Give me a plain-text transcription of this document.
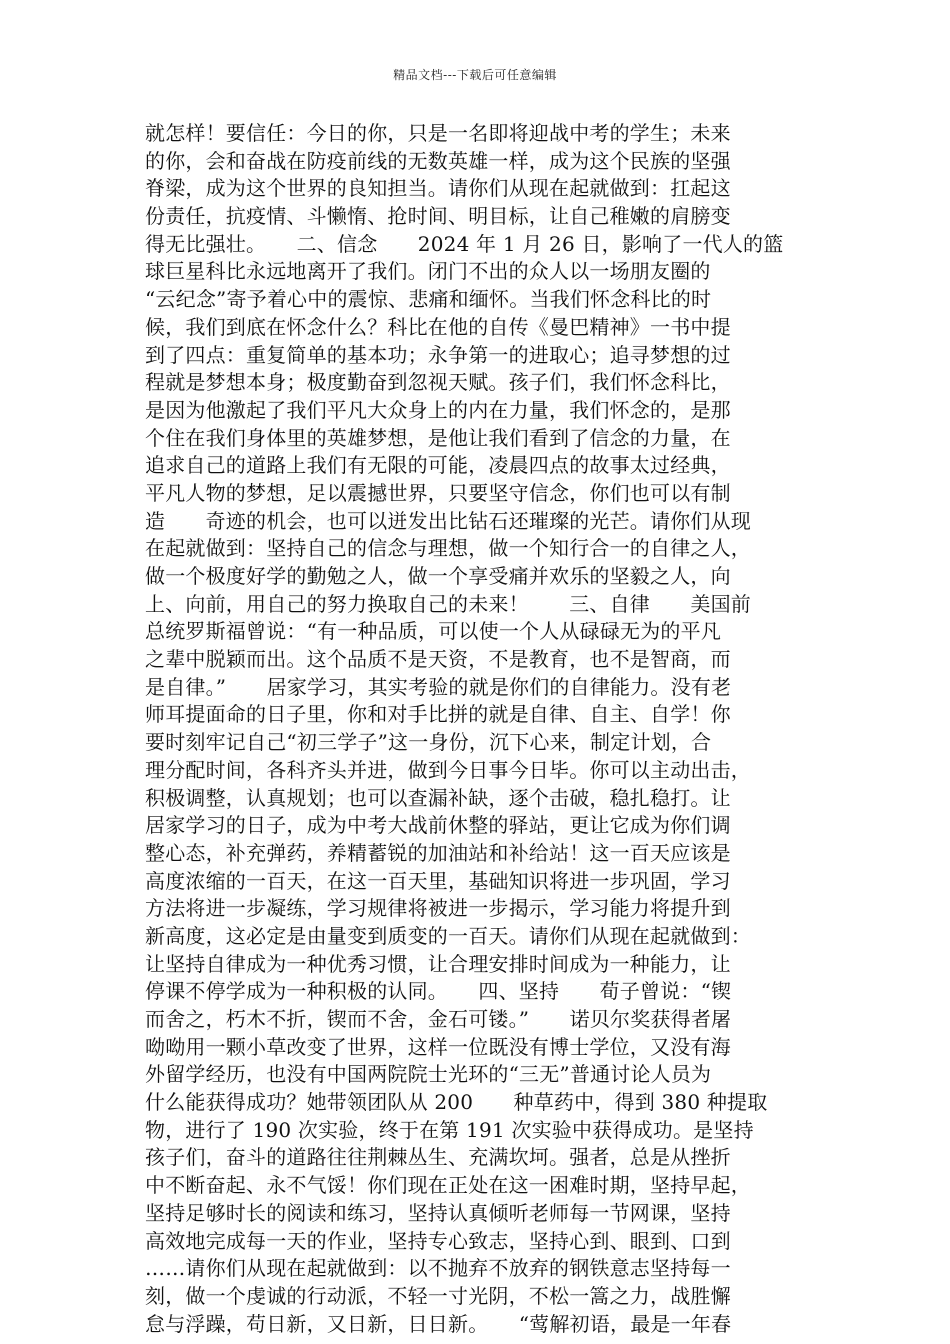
精品文档---下载后可任意编辑
就怎样！要信任：今日的你，只是一名即将迎战中考的学生；未来
的你，会和奋战在防疫前线的无数英雄一样，成为这个民族的坚强
脊梁，成为这个世界的良知担当。请你们从现在起就做到：扛起这
份责任，抗疫情、斗懒惰、抢时间、明目标，让自己稚嫩的肩膀变
得无比强壮。　　二、信念　　2024 年 1 月 26 日，影响了一代人的篮
球巨星科比永远地离开了我们。闭门不出的众人以一场朋友圈的
“云纪念”寄予着心中的震惊、悲痛和缅怀。当我们怀念科比的时
候，我们到底在怀念什么？科比在他的自传《曼巴精神》一书中提
到了四点：重复简单的基本功；永争第一的进取心；追寻梦想的过
程就是梦想本身；极度勤奋到忽视天赋。孩子们，我们怀念科比，
是因为他激起了我们平凡大众身上的内在力量，我们怀念的，是那
个住在我们身体里的英雄梦想，是他让我们看到了信念的力量，在
追求自己的道路上我们有无限的可能，凌晨四点的故事太过经典，
平凡人物的梦想，足以震撼世界，只要坚守信念，你们也可以有制
造　　奇迹的机会，也可以迸发出比钻石还璀璨的光芒。请你们从现
在起就做到：坚持自己的信念与理想，做一个知行合一的自律之人，
做一个极度好学的勤勉之人，做一个享受痛并欢乐的坚毅之人，向
上、向前，用自己的努力换取自己的未来！　　三、自律　　美国前
总统罗斯福曾说：“有一种品质，可以使一个人从碌碌无为的平凡
之辈中脱颖而出。这个品质不是天资，不是教育，也不是智商，而
是自律。”　　居家学习，其实考验的就是你们的自律能力。没有老
师耳提面命的日子里，你和对手比拼的就是自律、自主、自学！你
要时刻牢记自己“初三学子”这一身份，沉下心来，制定计划，合
理分配时间，各科齐头并进，做到今日事今日毕。你可以主动出击，
积极调整，认真规划；也可以查漏补缺，逐个击破，稳扎稳打。让
居家学习的日子，成为中考大战前休整的驿站，更让它成为你们调
整心态，补充弹药，养精蓄锐的加油站和补给站！这一百天应该是
高度浓缩的一百天，在这一百天里，基础知识将进一步巩固，学习
方法将进一步凝练，学习规律将被进一步揭示，学习能力将提升到
新高度，这必定是由量变到质变的一百天。请你们从现在起就做到：
让坚持自律成为一种优秀习惯，让合理安排时间成为一种能力，让
停课不停学成为一种积极的认同。　　四、坚持　　荀子曾说：“锲
而舍之，朽木不折，锲而不舍，金石可镂。”　　诺贝尔奖获得者屠
呦呦用一颗小草改变了世界，这样一位既没有博士学位，又没有海
外留学经历，也没有中国两院院士光环的“三无”普通讨论人员为
什么能获得成功？她带领团队从 200　　种草药中，得到 380 种提取
物，进行了 190 次实验，终于在第 191 次实验中获得成功。是坚持
孩子们，奋斗的道路往往荆棘丛生、充满坎坷。强者，总是从挫折
中不断奋起、永不气馁！你们现在正处在这一困难时期，坚持早起，
坚持足够时长的阅读和练习，坚持认真倾听老师每一节网课，坚持
高效地完成每一天的作业，坚持专心致志，坚持心到、眼到、口到
……请你们从现在起就做到：以不抛弃不放弃的钢铁意志坚持每一
刻，做一个虔诚的行动派，不轻一寸光阴，不松一篙之力，战胜懈
怠与浮躁，苟日新，又日新，日日新。　　“莺解初语，最是一年春
